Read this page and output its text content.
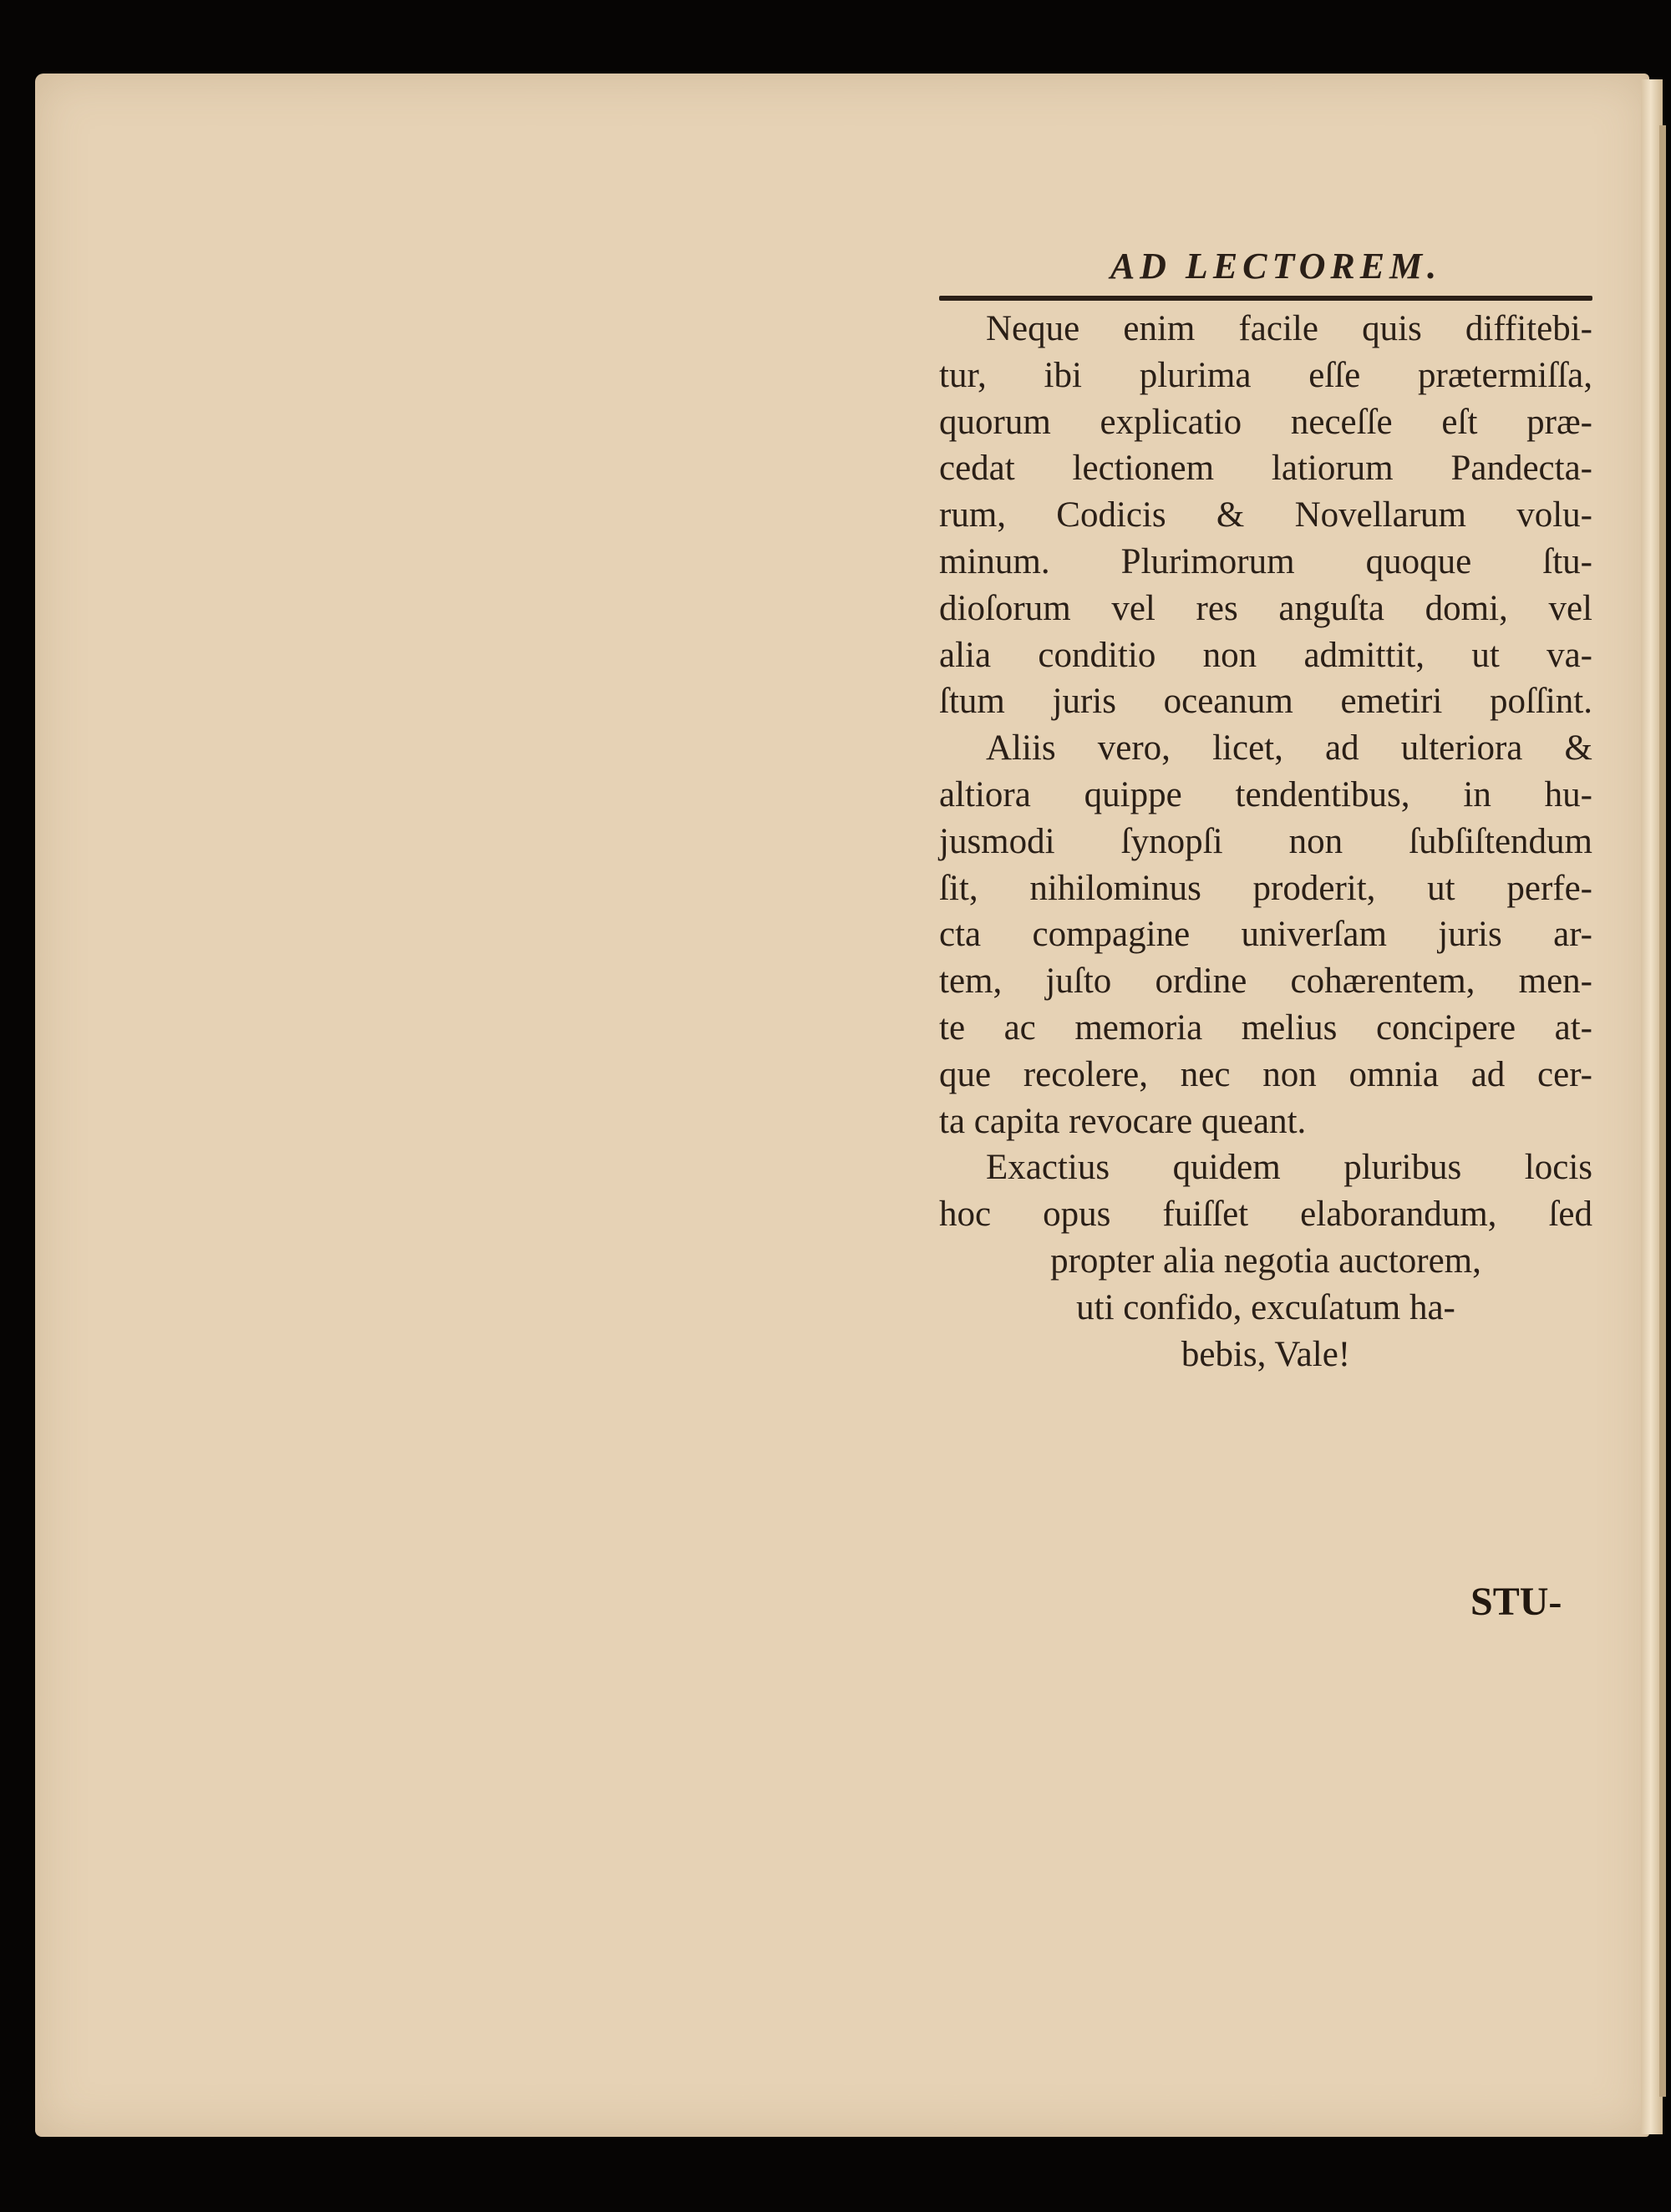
AD LECTOREM.
Neque enim facile quis diffitebi-
tur, ibi plurima eſſe prætermiſſa,
quorum explicatio neceſſe eſt præ-
cedat lectionem latiorum Pandecta-
rum, Codicis & Novellarum volu-
minum. Plurimorum quoque ſtu-
dioſorum vel res anguſta domi, vel
alia conditio non admittit, ut va-
ſtum juris oceanum emetiri poſſint.
Aliis vero, licet, ad ulteriora &
altiora quippe tendentibus, in hu-
jusmodi ſynopſi non ſubſiſtendum
ſit, nihilominus proderit, ut perfe-
cta compagine univerſam juris ar-
tem, juſto ordine cohærentem, men-
te ac memoria melius concipere at-
que recolere, nec non omnia ad cer-
ta capita revocare queant.
Exactius quidem pluribus locis
hoc opus fuiſſet elaborandum, ſed
propter alia negotia auctorem,
uti confido, excuſatum ha-
bebis, Vale!
STU-
